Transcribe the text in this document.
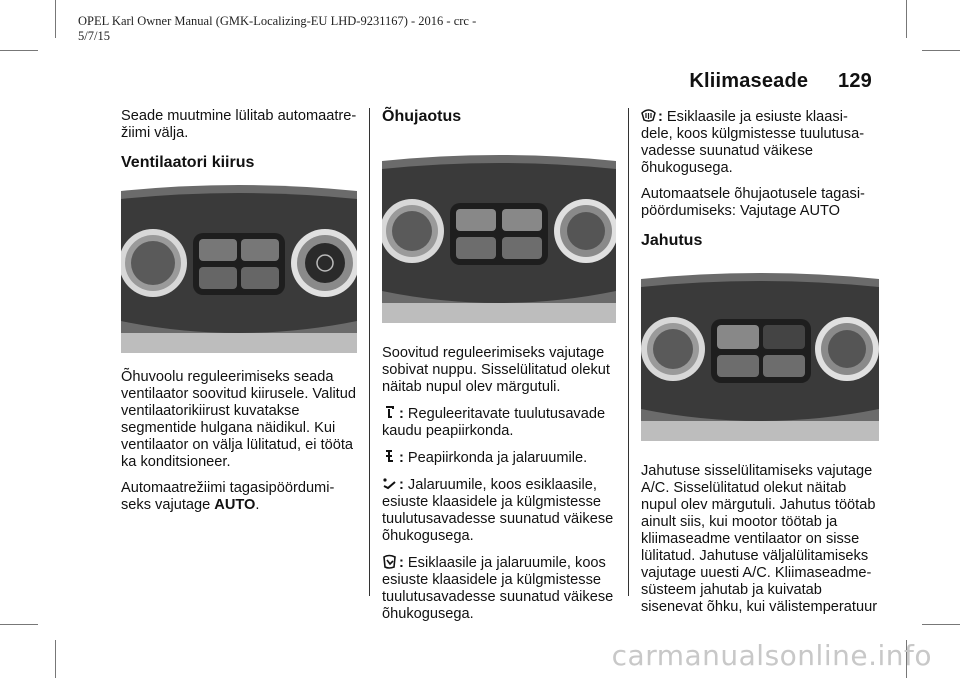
OPEL Karl Owner Manual (GMK-Localizing-EU LHD-9231167) - 2016 - crc -
5/7/15
Kliimaseade 129

Seade muutmine lülitab automaatre-žiimi välja.

Ventilaatori kiirus

Õhuvoolu reguleerimiseks seada ventilaator soovitud kiirusele. Valitud ventilaatorikiirust kuvatakse segmentide hulgana näidikul. Kui ventilaator on välja lülitatud, ei tööta ka konditsioneer.

Automaatrežiimi tagasipöördumi-seks vajutage AUTO.

Õhujaotus

Soovitud reguleerimiseks vajutage sobivat nuppu. Sisselülitatud olekut näitab nupul olev märgutuli.

: Reguleeritavate tuulutusavade kaudu peapiirkonda.

: Peapiirkonda ja jalaruumile.

: Jalaruumile, koos esiklaasile, esiuste klaasidele ja külgmistesse tuulutusavadesse suunatud väikese õhukogusega.

: Esiklaasile ja jalaruumile, koos esiuste klaasidele ja külgmistesse tuulutusavadesse suunatud väikese õhukogusega.

: Esiklaasile ja esiuste klaasi-dele, koos külgmistesse tuulutusa-vadesse suunatud väikese õhukogusega.

Automaatsele õhujaotusele tagasi-pöördumiseks: Vajutage AUTO

Jahutus

Jahutuse sisselülitamiseks vajutage A/C. Sisselülitatud olekut näitab nupul olev märgutuli. Jahutus töötab ainult siis, kui mootor töötab ja kliimaseadme ventilaator on sisse lülitatud. Jahutuse väljalülitamiseks vajutage uuesti A/C. Kliimaseadme-süsteem jahutab ja kuivatab sisenevat õhku, kui välistemperatuur

carmanualsonline.info
